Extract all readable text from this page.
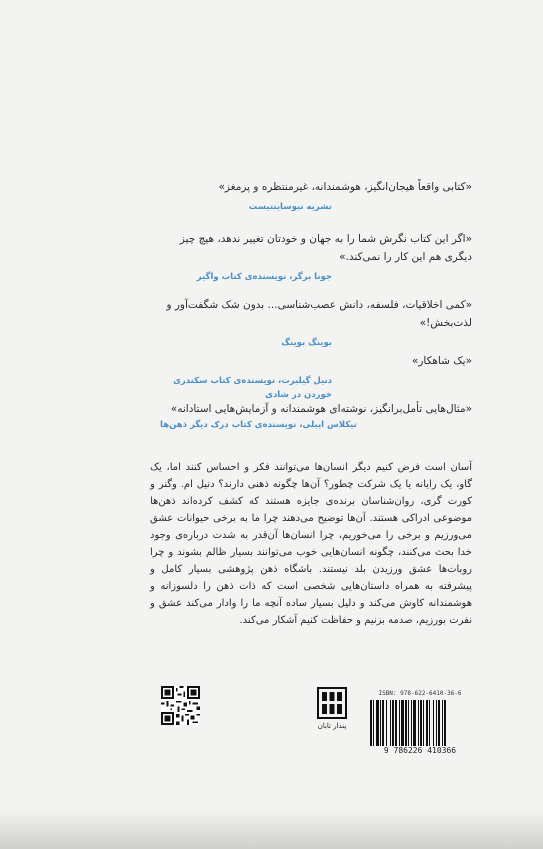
«کتابی واقعاً هیجان‌انگیز، هوشمندانه، غیرمنتظره و پرمغز»
نشریه نیوساینتیست
«اگر این کتاب نگرش شما را به جهان و خودتان تغییر ندهد، هیچ چیز دیگری هم این کار را نمی‌کند.»
جونا برگر، نویسنده‌ی کتاب واگیر
«کمی اخلاقیات، فلسفه، دانش عصب‌شناسی... بدون شک شگفت‌آور و لذت‌بخش!»
بوینگ بوینگ
«یک شاهکار»
دنیل گیلبرت، نویسنده‌ی کتاب سکندری خوردن در شادی
«مثال‌هایی تأمل‌برانگیز، نوشته‌ای هوشمندانه و آزمایش‌هایی استادانه»
نیکلاس اپیلی، نویسنده‌ی کتاب درک دیگر ذهن‌ها
آسان است فرض کنیم دیگر انسان‌ها می‌توانند فکر و احساس کنند اما، یک گاو، یک رایانه یا یک شرکت چطور؟ آن‌ها چگونه ذهنی دارند؟ دنیل ام. وگنر و کورت گری، روان‌شناسان برنده‌ی جایزه هستند که کشف کرده‌اند ذهن‌ها موضوعی ادراکی هستند. آن‌ها توضیح می‌دهند چرا ما به برخی حیوانات عشق می‌ورزیم و برخی را می‌خوریم، چرا انسان‌ها آن‌قدر به شدت درباره‌ی وجود خدا بحث می‌کنند، چگونه انسان‌هایی خوب می‌توانند بسیار ظالم بشوند و چرا روبات‌ها عشق ورزیدن بلد نیستند. باشگاه ذهن پژوهشی بسیار کامل و پیشرفته به همراه داستان‌هایی شخصی است که ذات ذهن را دلسوزانه و هوشمندانه کاوش می‌کند و دلیل بسیار ساده آنچه ما را وادار می‌کند عشق و نفرت بورزیم، صدمه بزنیم و حفاظت کنیم آشکار می‌کند.
پندار تابان
ISBN: 978-622-6410-36-6
9 786226 410366
